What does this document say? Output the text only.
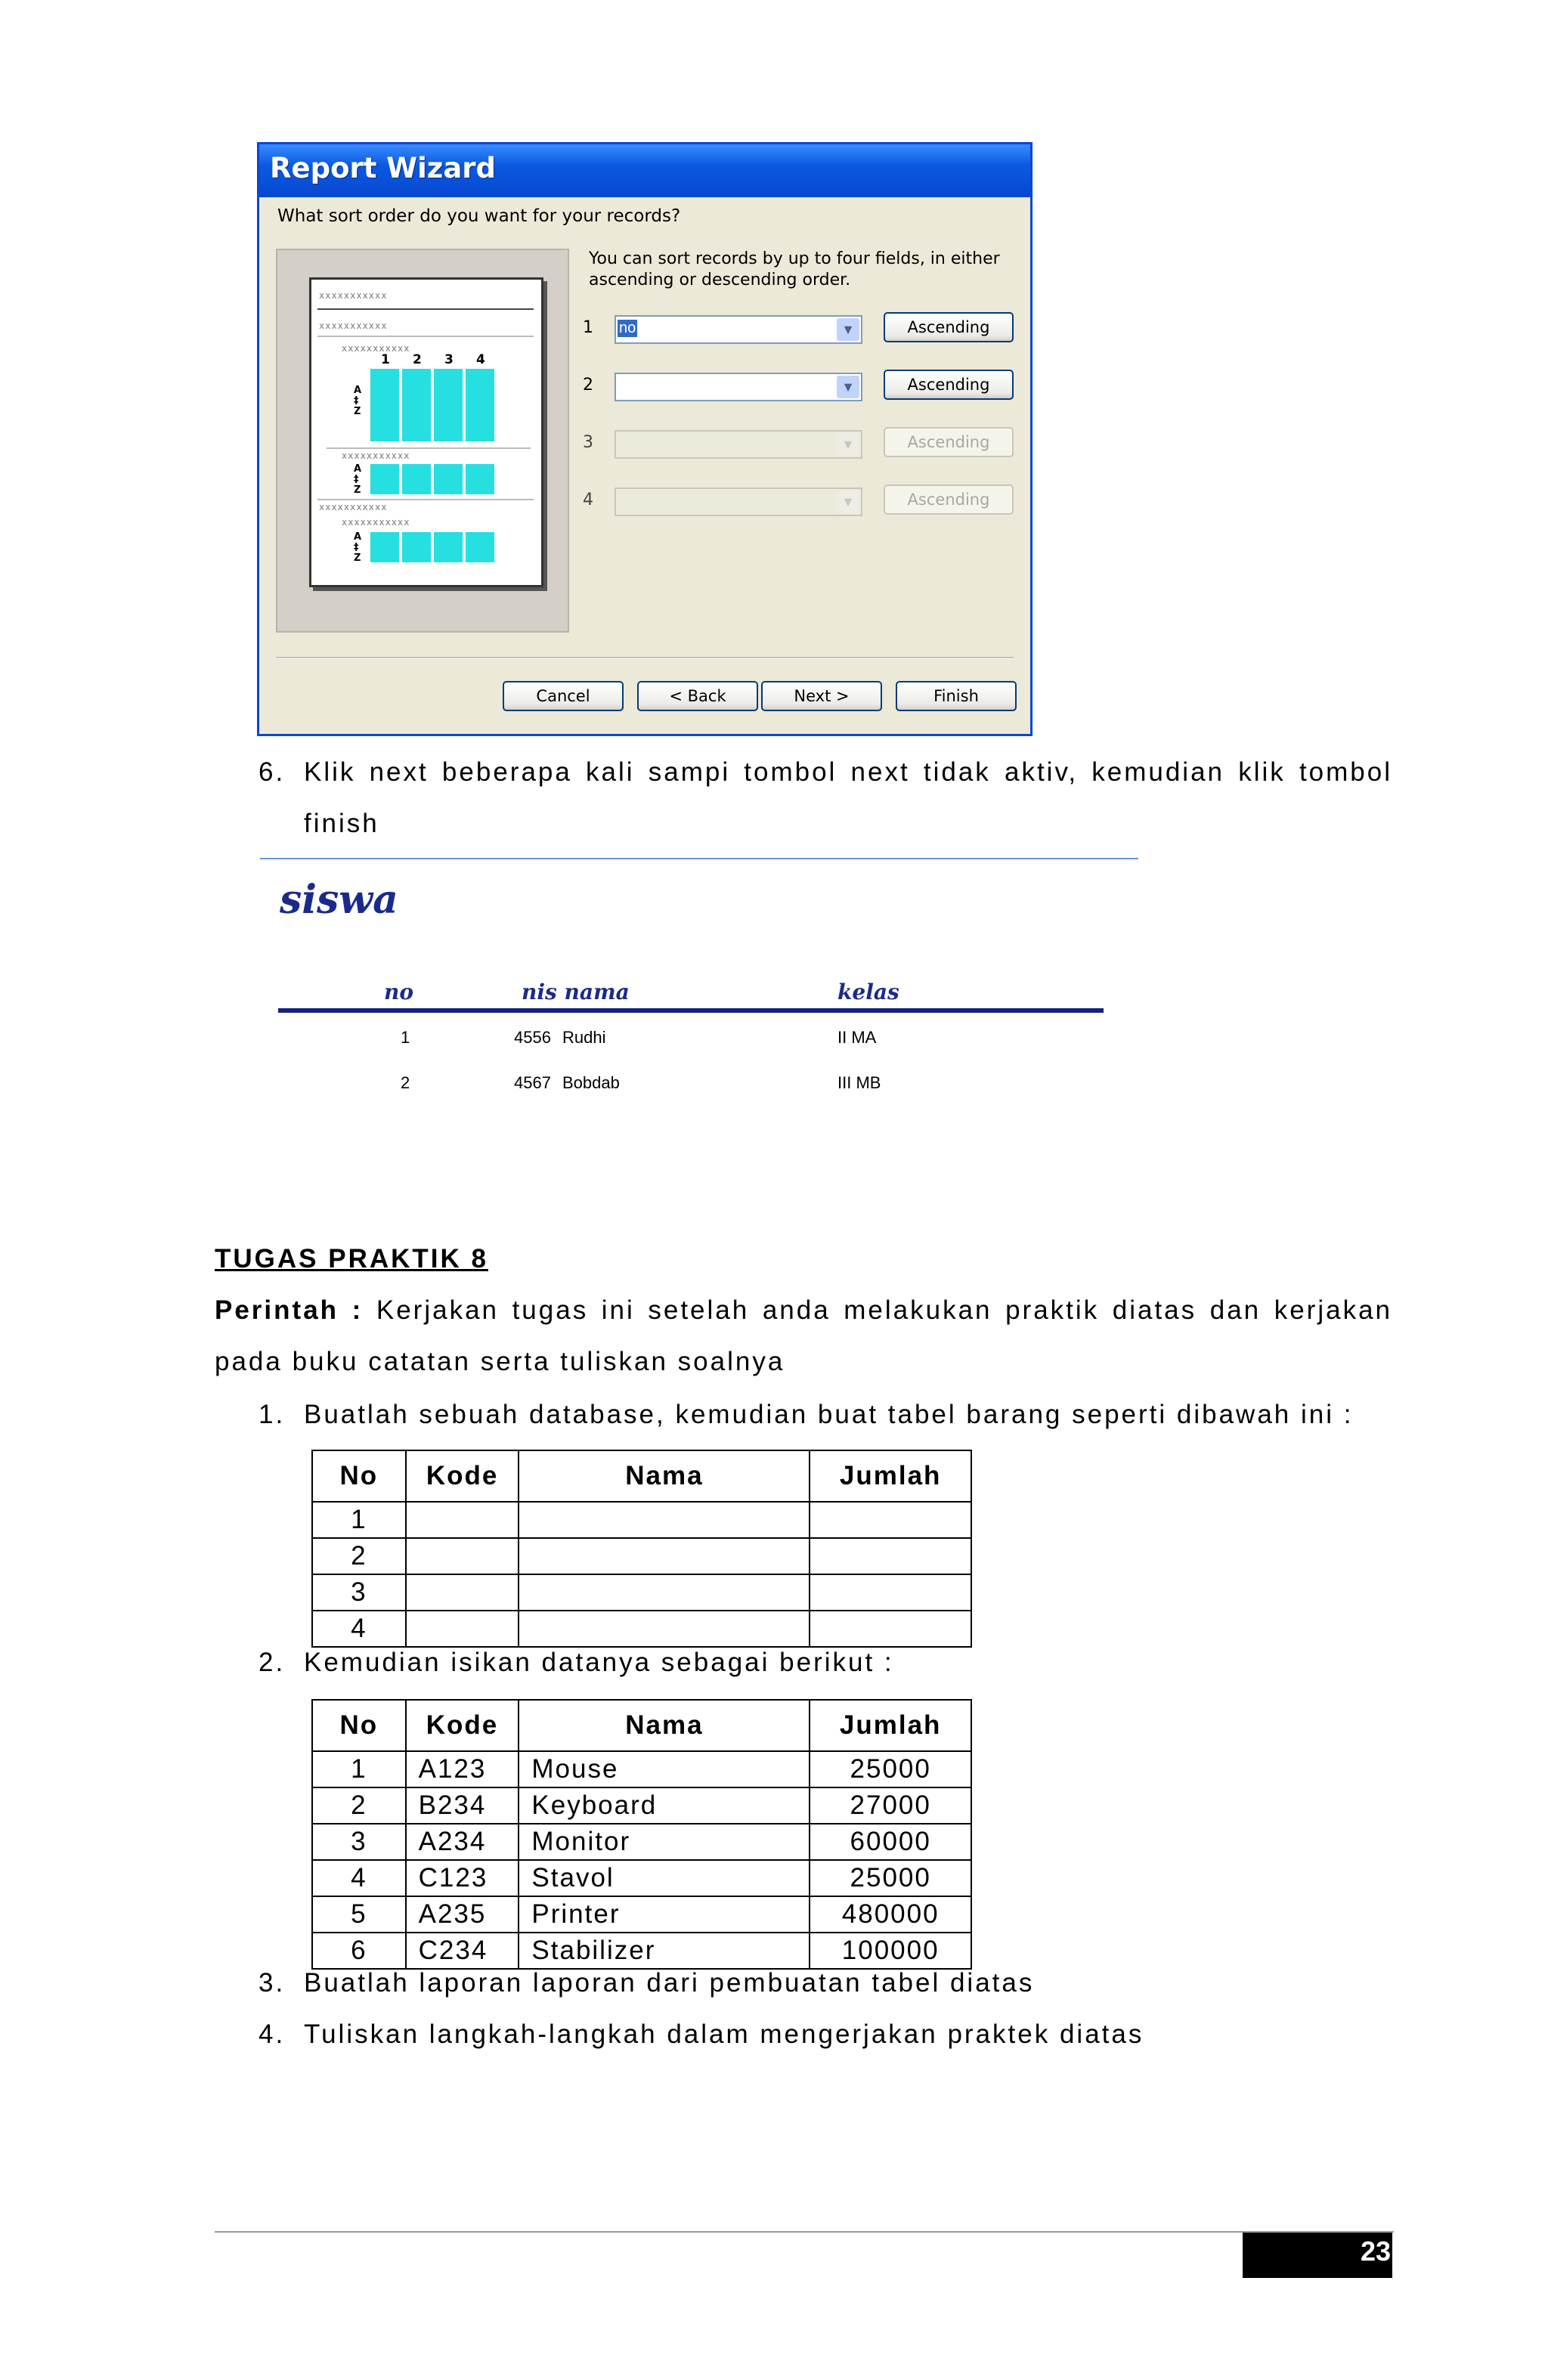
Report Wizard
What sort order do you want for your records?
xxxxxxxxxxx
xxxxxxxxxxx
xxxxxxxxxxx
1 2 3 4
A
‡
Z
xxxxxxxxxxx
A
‡
Z
xxxxxxxxxxx
xxxxxxxxxxx
A
‡
Z
You can sort records by up to four fields, in either ascending or descending order.
1 no	▼	Ascending
2	▼	Ascending
3	▼	Ascending
4	▼	Ascending
Cancel	< Back	Next >	Finish
6. Klik next beberapa kali sampi tombol next tidak aktiv, kemudian klik tombol finish
siswa
no	nis nama	kelas
1	4556 Rudhi	II MA
2	4567 Bobdab	III MB
TUGAS PRAKTIK 8
Perintah : Kerjakan tugas ini setelah anda melakukan praktik diatas dan kerjakan pada buku catatan serta tuliskan soalnya
1. Buatlah sebuah database, kemudian buat tabel barang seperti dibawah ini :
No	Kode	Nama	Jumlah
1			
2			
3			
4			
2. Kemudian isikan datanya sebagai berikut :
No	Kode	Nama	Jumlah
1	A123	Mouse	25000
2	B234	Keyboard	27000
3	A234	Monitor	60000
4	C123	Stavol	25000
5	A235	Printer	480000
6	C234	Stabilizer	100000
3. Buatlah laporan laporan dari pembuatan tabel diatas
4. Tuliskan langkah-langkah dalam mengerjakan praktek diatas
23
